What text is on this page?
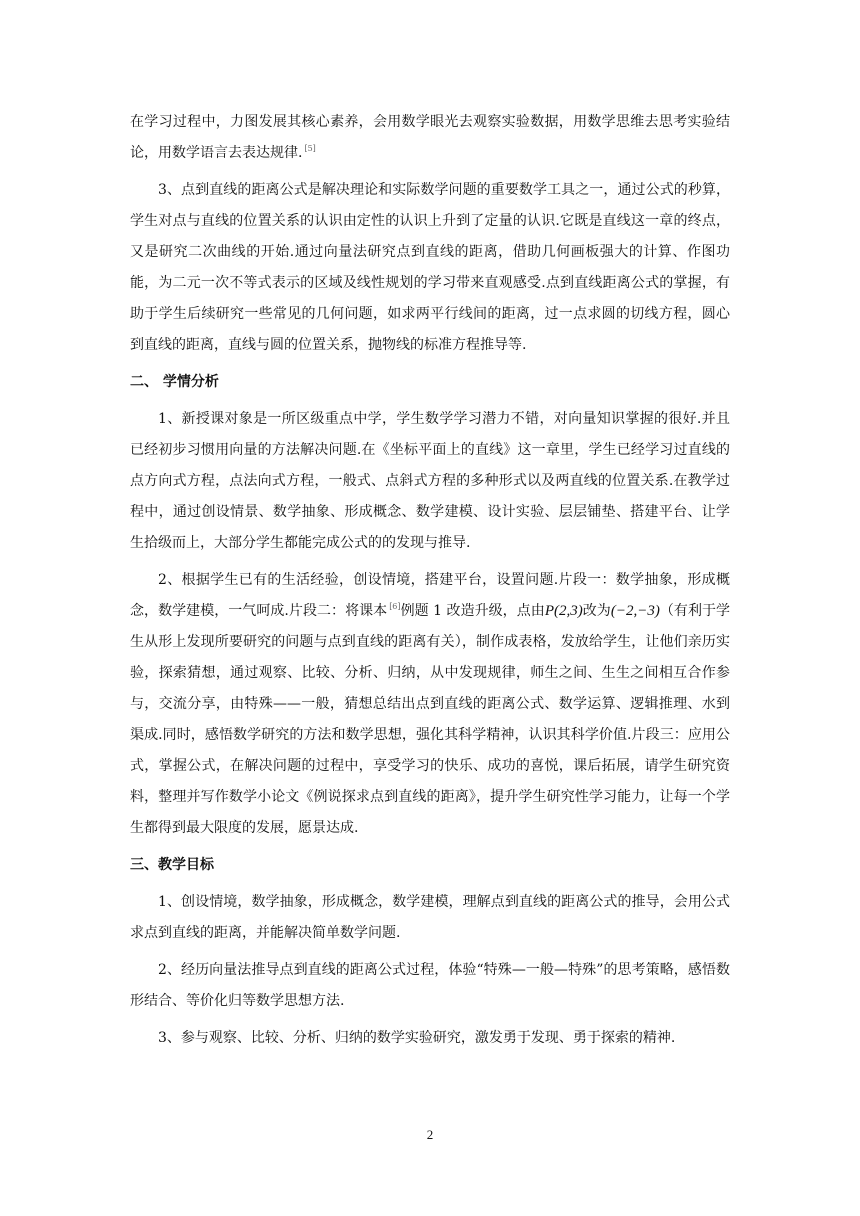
在学习过程中，力图发展其核心素养，会用数学眼光去观察实验数据，用数学思维去思考实验结论，用数学语言去表达规律. [5]

3、点到直线的距离公式是解决理论和实际数学问题的重要数学工具之一，通过公式的秒算，学生对点与直线的位置关系的认识由定性的认识上升到了定量的认识.它既是直线这一章的终点，又是研究二次曲线的开始.通过向量法研究点到直线的距离，借助几何画板强大的计算、作图功能，为二元一次不等式表示的区域及线性规划的学习带来直观感受.点到直线距离公式的掌握，有助于学生后续研究一些常见的几何问题，如求两平行线间的距离，过一点求圆的切线方程，圆心到直线的距离，直线与圆的位置关系，抛物线的标准方程推导等.

二、 学情分析

1、新授课对象是一所区级重点中学，学生数学学习潜力不错，对向量知识掌握的很好.并且已经初步习惯用向量的方法解决问题.在《坐标平面上的直线》这一章里，学生已经学习过直线的点方向式方程，点法向式方程，一般式、点斜式方程的多种形式以及两直线的位置关系.在教学过程中，通过创设情景、数学抽象、形成概念、数学建模、设计实验、层层铺垫、搭建平台、让学生拾级而上，大部分学生都能完成公式的的发现与推导.

2、根据学生已有的生活经验，创设情境，搭建平台，设置问题.片段一：数学抽象，形成概念，数学建模，一气呵成.片段二：将课本 [6]例题 1 改造升级，点由P(2,3)改为(−2,−3)（有利于学生从形上发现所要研究的问题与点到直线的距离有关），制作成表格，发放给学生，让他们亲历实验，探索猜想，通过观察、比较、分析、归纳，从中发现规律，师生之间、生生之间相互合作参与，交流分享，由特殊——一般，猜想总结出点到直线的距离公式、数学运算、逻辑推理、水到渠成.同时，感悟数学研究的方法和数学思想，强化其科学精神，认识其科学价值.片段三：应用公式，掌握公式，在解决问题的过程中，享受学习的快乐、成功的喜悦，课后拓展，请学生研究资料，整理并写作数学小论文《例说探求点到直线的距离》，提升学生研究性学习能力，让每一个学生都得到最大限度的发展，愿景达成.

三、教学目标

1、创设情境，数学抽象，形成概念，数学建模，理解点到直线的距离公式的推导，会用公式求点到直线的距离，并能解决简单数学问题.

2、经历向量法推导点到直线的距离公式过程，体验“特殊—一般—特殊”的思考策略，感悟数形结合、等价化归等数学思想方法.

3、参与观察、比较、分析、归纳的数学实验研究，激发勇于发现、勇于探索的精神.

2
